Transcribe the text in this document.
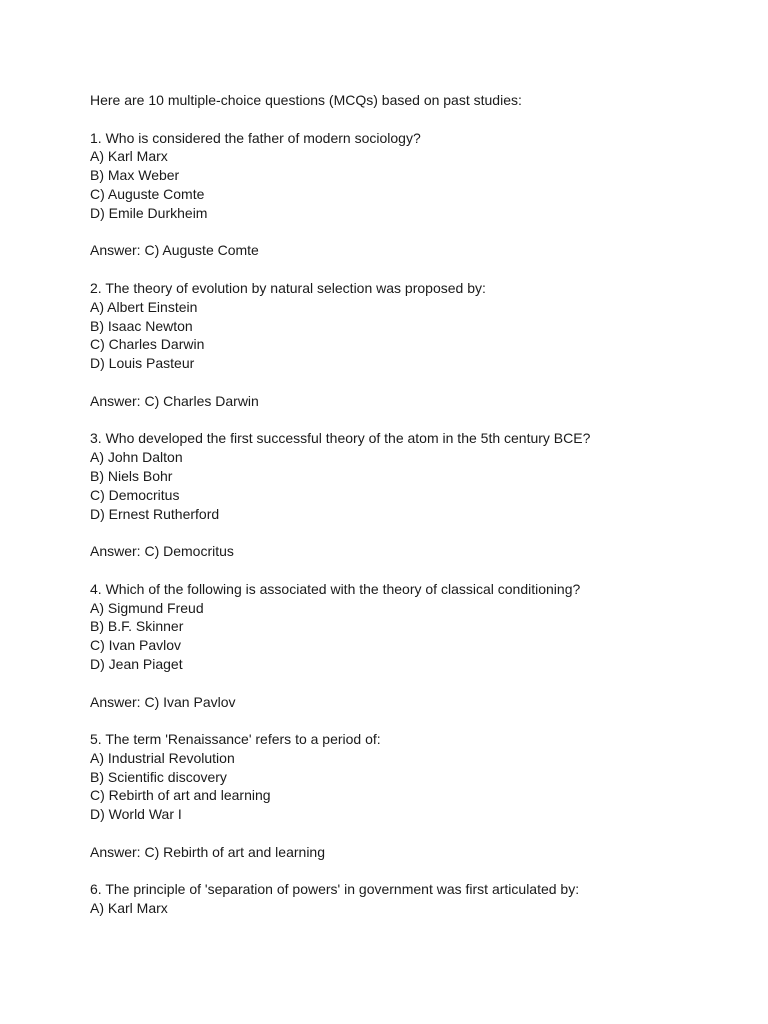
Here are 10 multiple-choice questions (MCQs) based on past studies:
1. Who is considered the father of modern sociology?
A) Karl Marx
B) Max Weber
C) Auguste Comte
D) Emile Durkheim
Answer: C) Auguste Comte
2. The theory of evolution by natural selection was proposed by:
A) Albert Einstein
B) Isaac Newton
C) Charles Darwin
D) Louis Pasteur
Answer: C) Charles Darwin
3. Who developed the first successful theory of the atom in the 5th century BCE?
A) John Dalton
B) Niels Bohr
C) Democritus
D) Ernest Rutherford
Answer: C) Democritus
4. Which of the following is associated with the theory of classical conditioning?
A) Sigmund Freud
B) B.F. Skinner
C) Ivan Pavlov
D) Jean Piaget
Answer: C) Ivan Pavlov
5. The term 'Renaissance' refers to a period of:
A) Industrial Revolution
B) Scientific discovery
C) Rebirth of art and learning
D) World War I
Answer: C) Rebirth of art and learning
6. The principle of 'separation of powers' in government was first articulated by:
A) Karl Marx
